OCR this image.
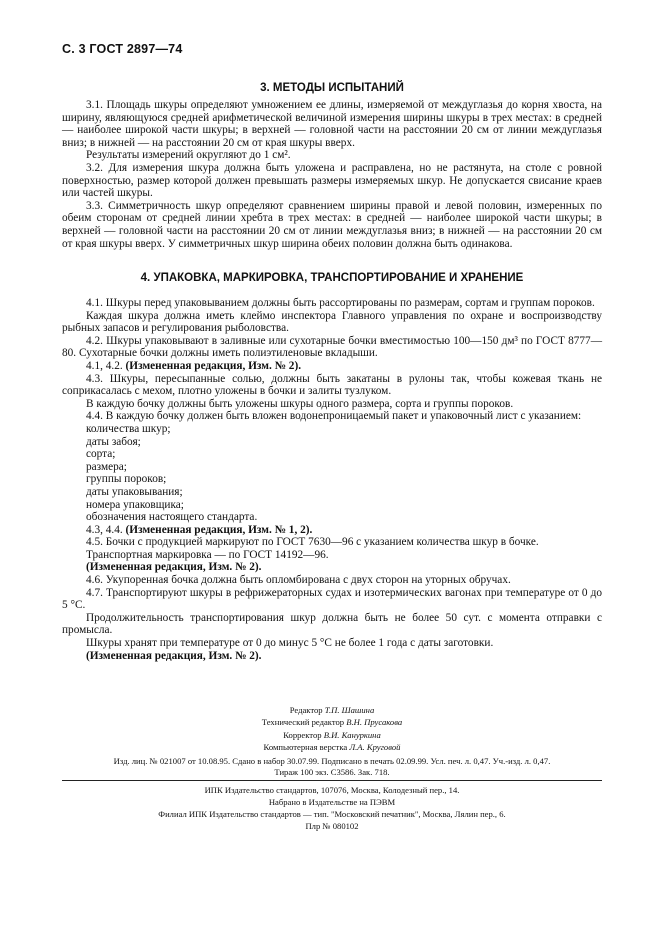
С. 3 ГОСТ 2897—74
3. МЕТОДЫ ИСПЫТАНИЙ

3.1. Площадь шкуры определяют умножением ее длины, измеряемой от междуглазья до корня хвоста, на ширину, являющуюся средней арифметической величиной измерения ширины шкуры в трех местах: в средней — наиболее широкой части шкуры; в верхней — головной части на расстоянии 20 см от линии междуглазья вниз; в нижней — на расстоянии 20 см от края шкуры вверх.

Результаты измерений округляют до 1 см².

3.2. Для измерения шкура должна быть уложена и расправлена, но не растянута, на столе с ровной поверхностью, размер которой должен превышать размеры измеряемых шкур. Не допускается свисание краев или частей шкуры.

3.3. Симметричность шкур определяют сравнением ширины правой и левой половин, измеренных по обеим сторонам от средней линии хребта в трех местах: в средней — наиболее широкой части шкуры; в верхней — головной части на расстоянии 20 см от линии междуглазья вниз; в нижней — на расстоянии 20 см от края шкуры вверх. У симметричных шкур ширина обеих половин должна быть одинакова.

4. УПАКОВКА, МАРКИРОВКА, ТРАНСПОРТИРОВАНИЕ И ХРАНЕНИЕ

4.1. Шкуры перед упаковыванием должны быть рассортированы по размерам, сортам и группам пороков.

Каждая шкура должна иметь клеймо инспектора Главного управления по охране и воспроизводству рыбных запасов и регулирования рыболовства.

4.2. Шкуры упаковывают в заливные или сухотарные бочки вместимостью 100—150 дм³ по ГОСТ 8777—80. Сухотарные бочки должны иметь полиэтиленовые вкладыши.

4.1, 4.2. (Измененная редакция, Изм. № 2).

4.3. Шкуры, пересыпанные солью, должны быть закатаны в рулоны так, чтобы кожевая ткань не соприкасалась с мехом, плотно уложены в бочки и залиты тузлуком.

В каждую бочку должны быть уложены шкуры одного размера, сорта и группы пороков.

4.4. В каждую бочку должен быть вложен водонепроницаемый пакет и упаковочный лист с указанием:

количества шкур;

даты забоя;

сорта;

размера;

группы пороков;

даты упаковывания;

номера упаковщика;

обозначения настоящего стандарта.

4.3, 4.4. (Измененная редакция, Изм. № 1, 2).

4.5. Бочки с продукцией маркируют по ГОСТ 7630—96 с указанием количества шкур в бочке.

Транспортная маркировка — по ГОСТ 14192—96.

(Измененная редакция, Изм. № 2).

4.6. Укупоренная бочка должна быть опломбирована с двух сторон на уторных обручах.

4.7. Транспортируют шкуры в рефрижераторных судах и изотермических вагонах при температуре от 0 до 5 °С.

Продолжительность транспортирования шкур должна быть не более 50 сут. с момента отправки с промысла.

Шкуры хранят при температуре от 0 до минус 5 °С не более 1 года с даты заготовки.

(Измененная редакция, Изм. № 2).

Редактор Т.П. Шашина
Технический редактор В.Н. Прусакова
Корректор В.И. Кануркина
Компьютерная верстка Л.А. Круговой
Изд. лиц. № 021007 от 10.08.95. Сдано в набор 30.07.99. Подписано в печать 02.09.99. Усл. печ. л. 0,47. Уч.-изд. л. 0,47.
Тираж 100 экз. С3586. Зак. 718.
ИПК Издательство стандартов, 107076, Москва, Колодезный пер., 14.
Набрано в Издательстве на ПЭВМ
Филиал ИПК Издательство стандартов — тип. "Московский печатник", Москва, Лялин пер., 6.
Плр № 080102
